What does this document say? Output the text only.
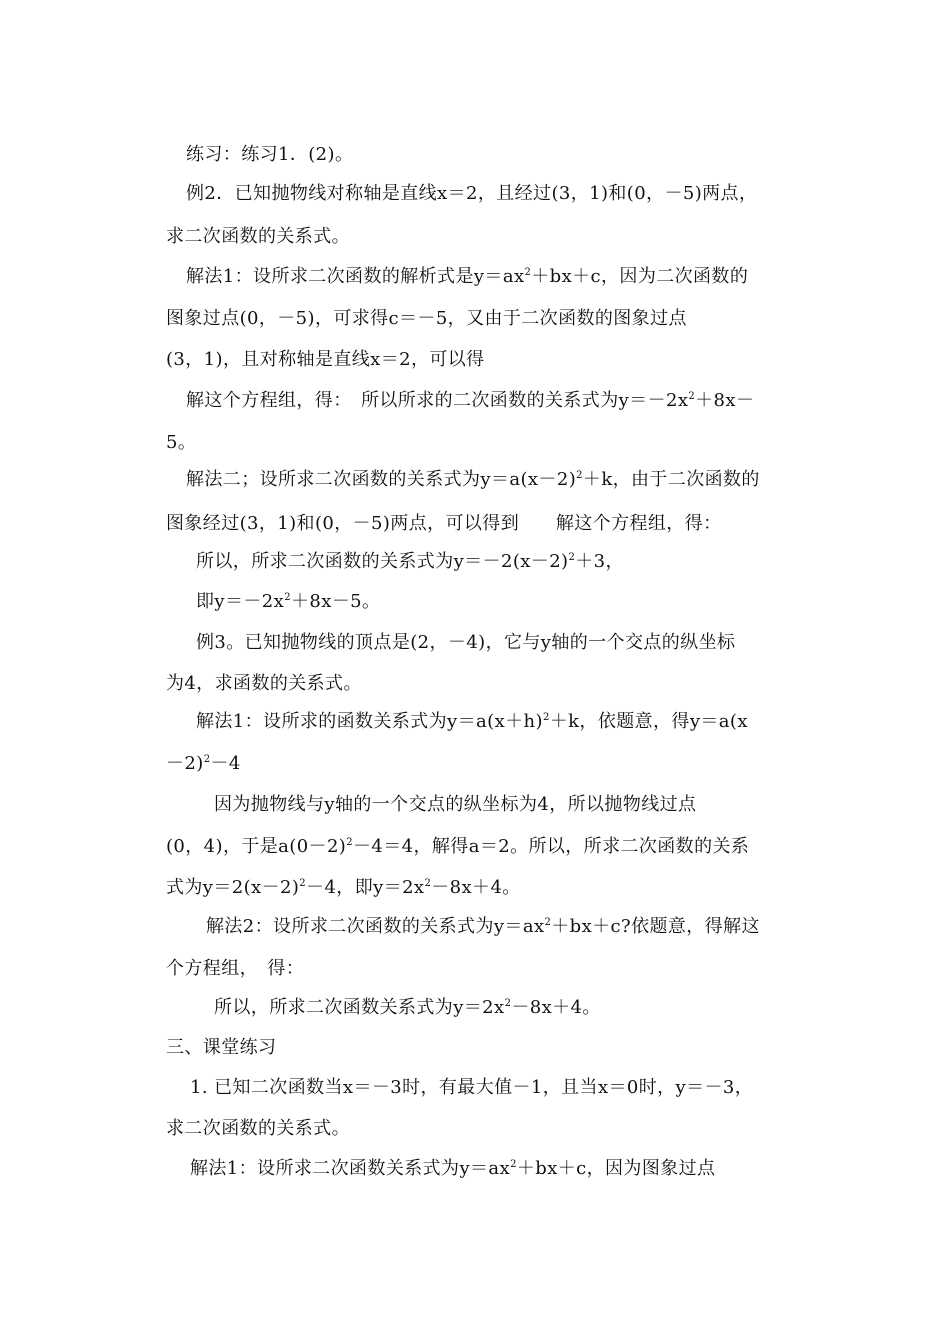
练习：练习1．(2)。
例2．已知抛物线对称轴是直线x＝2，且经过(3，1)和(0，－5)两点，
求二次函数的关系式。
解法1：设所求二次函数的解析式是$y=ax^2+bx+c$，因为二次函数的
图象过点(0，－5)，可求得c＝－5，又由于二次函数的图象过点
(3，1)，且对称轴是直线x＝2，可以得
解这个方程组，得：　所以所求的二次函数的关系式为$y=-2x^2+8x-$
5。
解法二；设所求二次函数的关系式为$y=a(x-2)^2+k$，由于二次函数的
图象经过(3，1)和(0，－5)两点，可以得到　　解这个方程组，得：
所以，所求二次函数的关系式为$y=-2(x-2)^2+3$，
即$y=-2x^2+8x-5$。
例3。已知抛物线的顶点是(2，－4)，它与y轴的一个交点的纵坐标
为4，求函数的关系式。
解法1：设所求的函数关系式为$y=a(x+h)^2+k$，依题意，得y＝a(x
－2)$^2$－4
因为抛物线与y轴的一个交点的纵坐标为4，所以抛物线过点
(0，4)，于是$a(0-2)^2-4=4$，解得a＝2。所以，所求二次函数的关系
式为$y=2(x-2)^2-4$，即$y=2x^2-8x+4$。
解法2：设所求二次函数的关系式为$y=ax^2+bx+c$?依题意，得解这
个方程组，　得：
所以，所求二次函数关系式为$y=2x^2-8x+4$。
三、课堂练习
1. 已知二次函数当x＝－3时，有最大值－1，且当x＝0时，y＝－3，
求二次函数的关系式。
解法1：设所求二次函数关系式为$y=ax^2+bx+c$，因为图象过点
